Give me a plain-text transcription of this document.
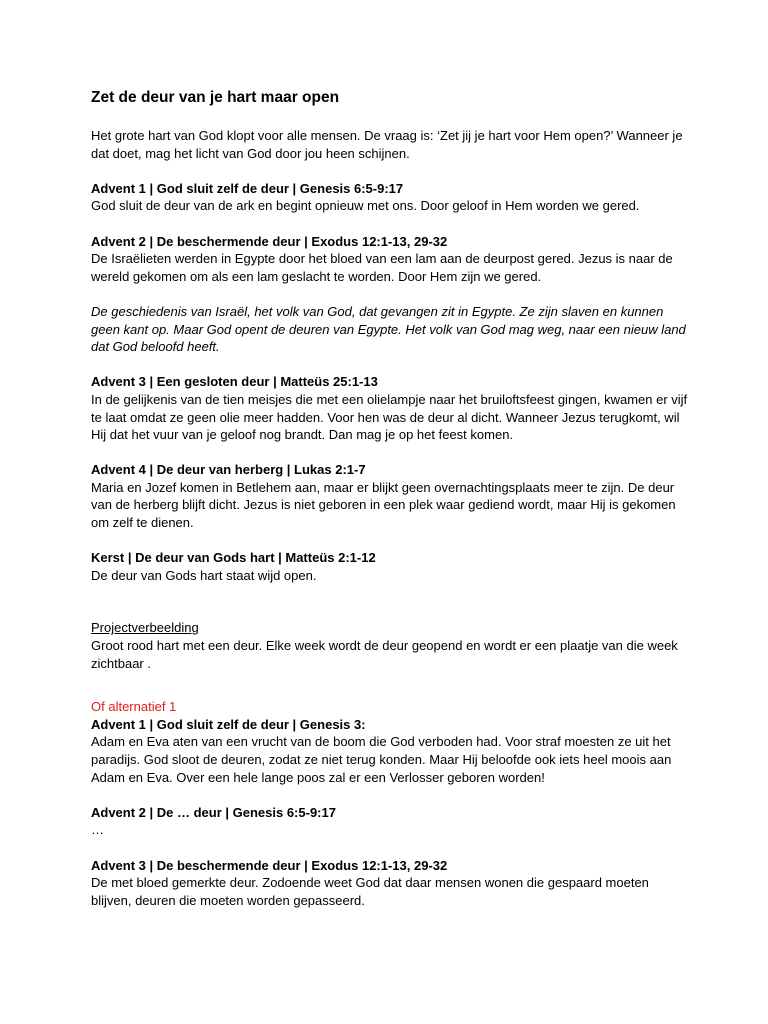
Zet de deur van je hart maar open

Het grote hart van God klopt voor alle mensen. De vraag is: ‘Zet jij je hart voor Hem open?’ Wanneer je dat doet, mag het licht van God door jou heen schijnen.

Advent 1 | God sluit zelf de deur | Genesis 6:5-9:17

God sluit de deur van de ark en begint opnieuw met ons. Door geloof in Hem worden we gered.

Advent 2 | De beschermende deur | Exodus 12:1-13, 29-32

De Israëlieten werden in Egypte door het bloed van een lam aan de deurpost gered. Jezus is naar de wereld gekomen om als een lam geslacht te worden. Door Hem zijn we gered.

De geschiedenis van Israël, het volk van God, dat gevangen zit in Egypte. Ze zijn slaven en kunnen geen kant op. Maar God opent de deuren van Egypte. Het volk van God mag weg, naar een nieuw land dat God beloofd heeft.

Advent 3 | Een gesloten deur | Matteüs 25:1-13

In de gelijkenis van de tien meisjes die met een olielampje naar het bruiloftsfeest gingen, kwamen er vijf te laat omdat ze geen olie meer hadden. Voor hen was de deur al dicht. Wanneer Jezus terugkomt, wil Hij dat het vuur van je geloof nog brandt. Dan mag je op het feest komen.

Advent 4 | De deur van herberg | Lukas 2:1-7

Maria en Jozef komen in Betlehem aan, maar er blijkt geen overnachtingsplaats meer te zijn. De deur van de herberg blijft dicht. Jezus is niet geboren in een plek waar gediend wordt, maar Hij is gekomen om zelf te dienen.

Kerst | De deur van Gods hart | Matteüs 2:1-12

De deur van Gods hart staat wijd open.

Projectverbeelding

Groot rood hart met een deur. Elke week wordt de deur geopend en wordt er een plaatje van die week zichtbaar .

Of alternatief 1

Advent 1 | God sluit zelf de deur | Genesis 3:

Adam en Eva aten van een vrucht van de boom die God verboden had. Voor straf moesten ze uit het paradijs. God sloot de deuren, zodat ze niet terug konden. Maar Hij beloofde ook iets heel moois aan Adam en Eva. Over een hele lange poos zal er een Verlosser geboren worden!

Advent 2 | De … deur | Genesis 6:5-9:17

…

Advent 3 | De beschermende deur | Exodus 12:1-13, 29-32

De met bloed gemerkte deur. Zodoende weet God dat daar mensen wonen die gespaard moeten blijven, deuren die moeten worden gepasseerd.
